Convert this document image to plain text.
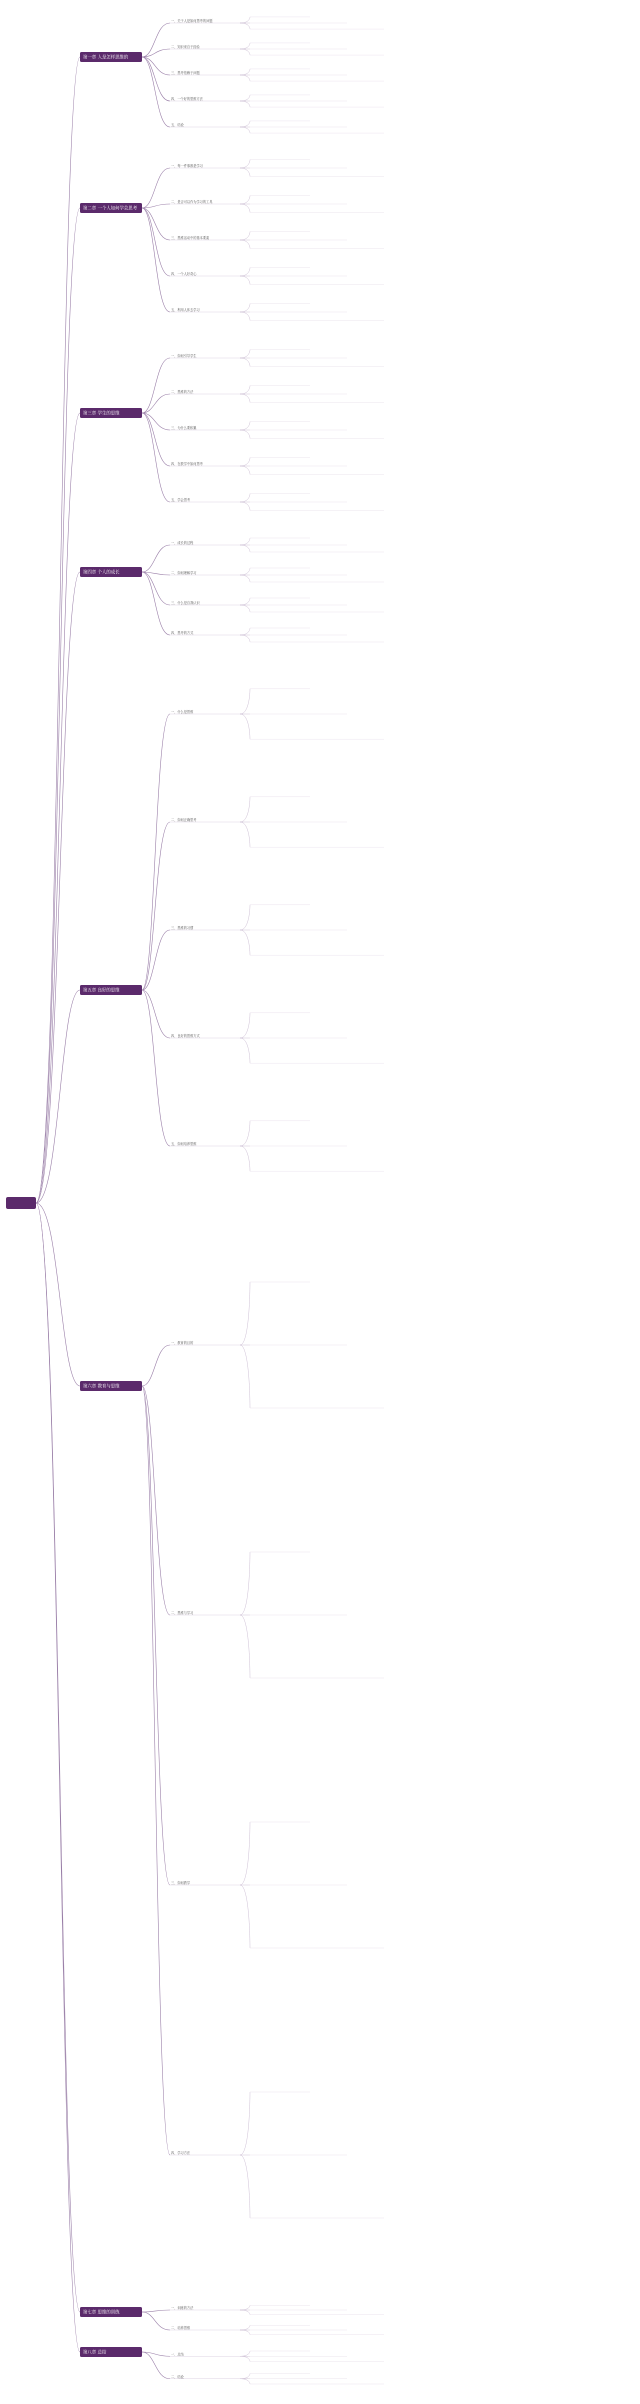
第一章 人是怎样思维的
一、关于人是如何思考的问题
二、知识来自于经验
三、思考依赖于问题
四、一个好的思维方法
五、结论
第二章 一个人如何学会思考
一、每一件事都是学习
二、是否可以作为学习的工具
三、思维活动中的基本要素
四、一个人好奇心
五、利用人体去学习
第三章 学生的思维
一、如何引导学生
二、思维的方法
三、为什么要积累
四、在教学中如何思考
五、学会思考
第四章 个人的成长
一、成长的过程
二、如何理解学习
三、什么是自我认识
四、思考的方式
第五章 良好的思维
一、什么是思维
二、如何正确思考
三、思维的习惯
四、良好的思维方式
五、如何培养思维
第六章 教育与思维
一、教育的目的
二、思维与学习
三、如何教学
四、学习方法
第七章 思维的训练
一、训练的方法
二、培养思维
第八章 总结	一、总结
二、结论
